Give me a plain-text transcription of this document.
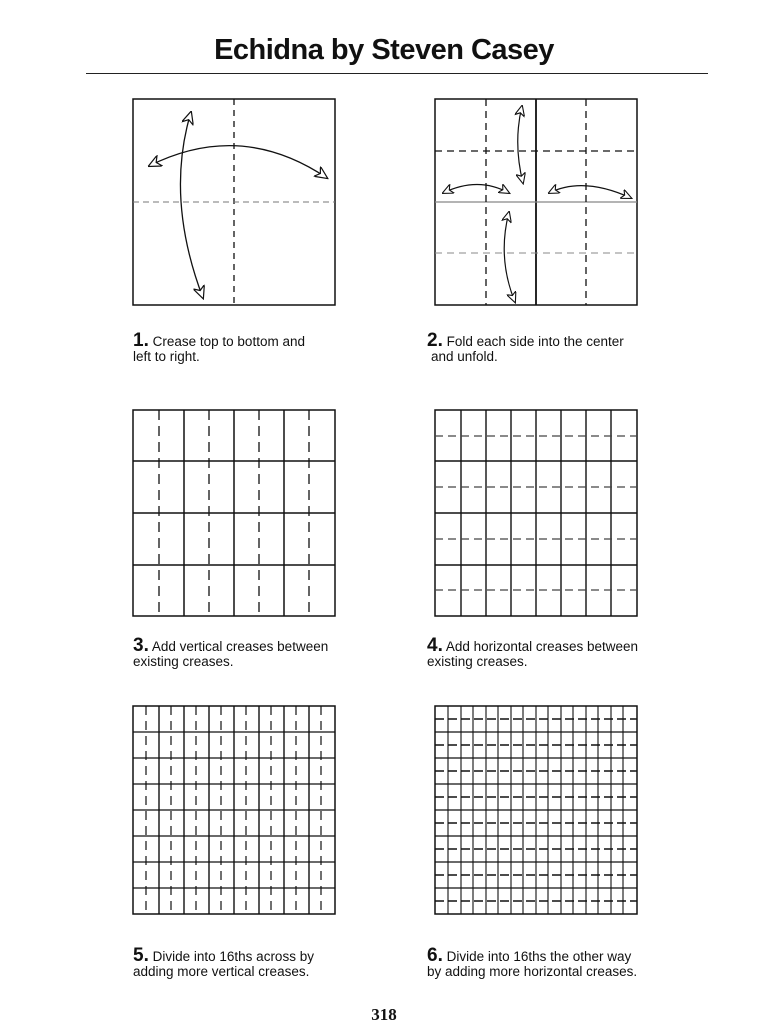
Echidna by Steven Casey
1. Crease top to bottom and
left to right.
2. Fold each side into the center
and unfold.
3. Add vertical creases between
existing creases.
4. Add horizontal creases between
existing creases.
5. Divide into 16ths across by
adding more vertical creases.
6. Divide into 16ths the other way
by adding more horizontal creases.
318
